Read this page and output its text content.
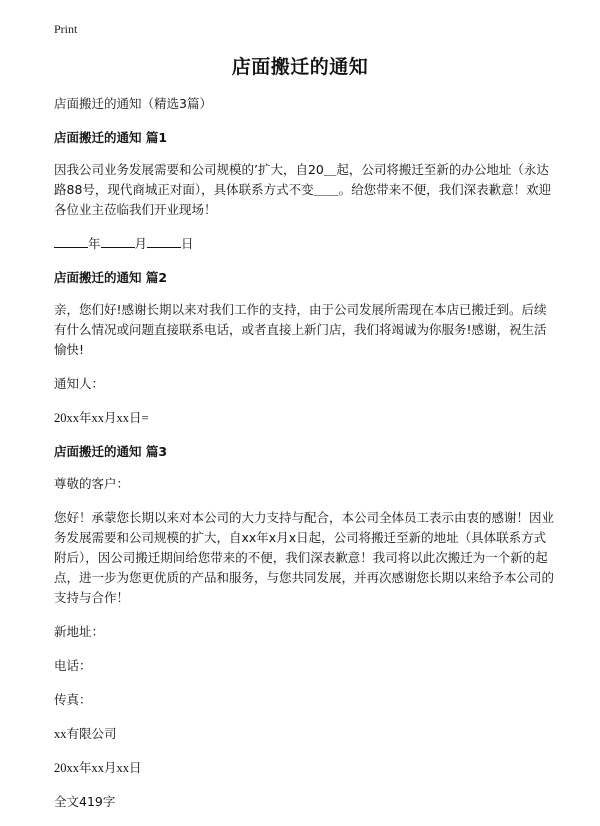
Print
店面搬迁的通知

店面搬迁的通知（精选3篇）

店面搬迁的通知 篇1

因我公司业务发展需要和公司规模的’扩大，自20＿起，公司将搬迁至新的办公地址（永达路88号，现代商城正对面），具体联系方式不变＿＿。给您带来不便，我们深表歉意！欢迎各位业主莅临我们开业现场！

年	月	日

店面搬迁的通知 篇2

亲，您们好!感谢长期以来对我们工作的支持，由于公司发展所需现在本店已搬迁到。后续有什么情况或问题直接联系电话，或者直接上新门店，我们将竭诚为你服务!感谢，祝生活愉快!

通知人：

20xx年xx月xx日=

店面搬迁的通知 篇3

尊敬的客户：

您好！承蒙您长期以来对本公司的大力支持与配合，本公司全体员工表示由衷的感谢！因业务发展需要和公司规模的扩大，自xx年x月x日起，公司将搬迁至新的地址（具体联系方式附后），因公司搬迁期间给您带来的不便，我们深表歉意！我司将以此次搬迁为一个新的起点，进一步为您更优质的产品和服务，与您共同发展，并再次感谢您长期以来给予本公司的支持与合作！

新地址：

电话：

传真：

xx有限公司

20xx年xx月xx日

全文419字
